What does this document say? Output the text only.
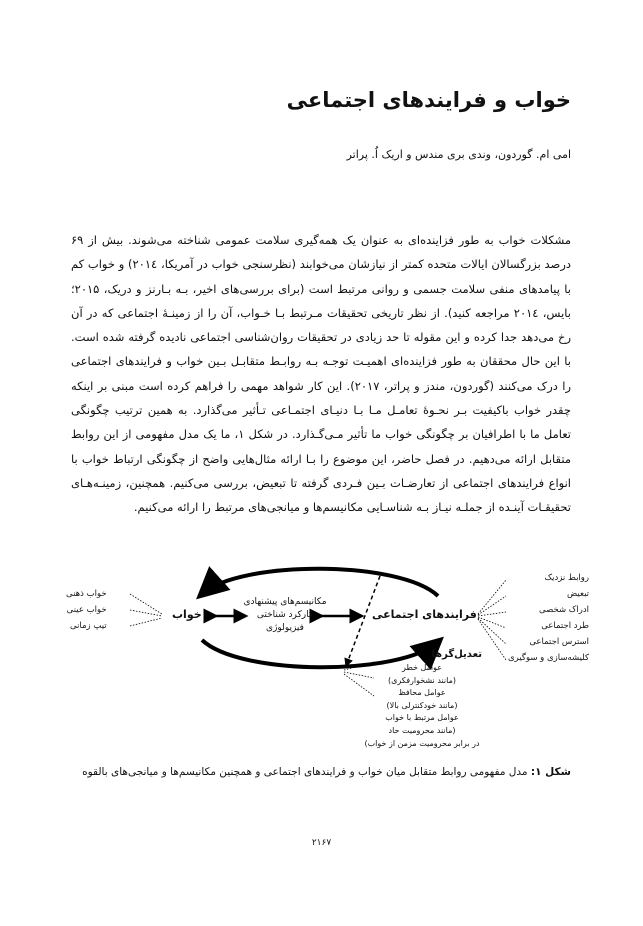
خواب و فرایندهای اجتماعی

امی ام. گوردون، وندی بری مندس و اریک اُ. پراتر

مشکلات خواب به طور فزاینده‌ای به عنوان یک همه‌گیری سلامت عمومی شناخته می‌شوند. بیش از ۶۹ درصد بزرگسالان ایالات متحده کمتر از نیازشان می‌خوابند (نظرسنجی خواب در آمریکا، ۲۰۱٤) و خواب کم با پیامدهای منفی سلامت جسمی و روانی مرتبط است (برای بررسی‌های اخیر، بـه بـارنز و دریک، ۲۰۱۵؛ بایس، ۲۰۱٤ مراجعه کنید). از نظر تاریخی تحقیقات مـرتبط بـا خـواب، آن را از زمینـهٔ اجتماعی که در آن رخ می‌دهد جدا کرده و این مقوله تا حد زیادی در تحقیقات روان‌شناسی اجتماعی نادیده گرفته شده است. با این حال محققان به طور فزاینده‌ای اهمیـت توجـه بـه روابـط متقابـل بـین خواب و فرایندهای اجتماعی را درک می‌کنند (گوردون، مندز و پراتر، ۲۰۱۷). این کار شواهد مهمی را فراهم کرده است مبنی بر اینکه چقدر خواب باکیفیت بـر نحـوهٔ تعامـل مـا بـا دنیـای اجتمـاعی تـأثیر می‌گذارد. به همین ترتیب چگونگی تعامل ما با اطرافیان بر چگونگی خواب ما تأثیر مـی‌گـذارد. در شکل ۱، ما یک مدل مفهومی از این روابط متقابل ارائه می‌دهیم. در فصل حاضر، این موضوع را بـا ارائه مثال‌هایی واضح از چگونگی ارتباط خواب با انواع فرایندهای اجتماعی از تعارضـات بـین فـردی گرفته تا تبعیض، بررسی می‌کنیم. همچنین، زمینـه‌هـای تحقیقـات آینـده از جملـه نیـاز بـه شناسـایی مکانیسم‌ها و میانجی‌های مرتبط را ارائه می‌کنیم.

خواب ذهنی
خواب عینی
تیپ زمانی
خواب
مکانیسم‌های پیشنهادی
کارکرد شناختی
فیزیولوژی
فرایندهای اجتماعی
روابط نزدیک
تبعیض
ادراک شخصی
طرد اجتماعی
استرس اجتماعی
کلیشه‌سازی و سوگیری
تعدیل‌گرها
عوامل خطر
(مانند نشخوارفکری)
عوامل محافظ
(مانند خودکنترلی بالا)
عوامل مرتبط با خواب
(مانند محرومیت حاد
در برابر محرومیت مزمن از خواب)

شکل ۱: مدل مفهومی روابط متقابل میان خواب و فرایندهای اجتماعی و همچنین مکانیسم‌ها و میانجی‌های بالقوه

۲۱۶۷
